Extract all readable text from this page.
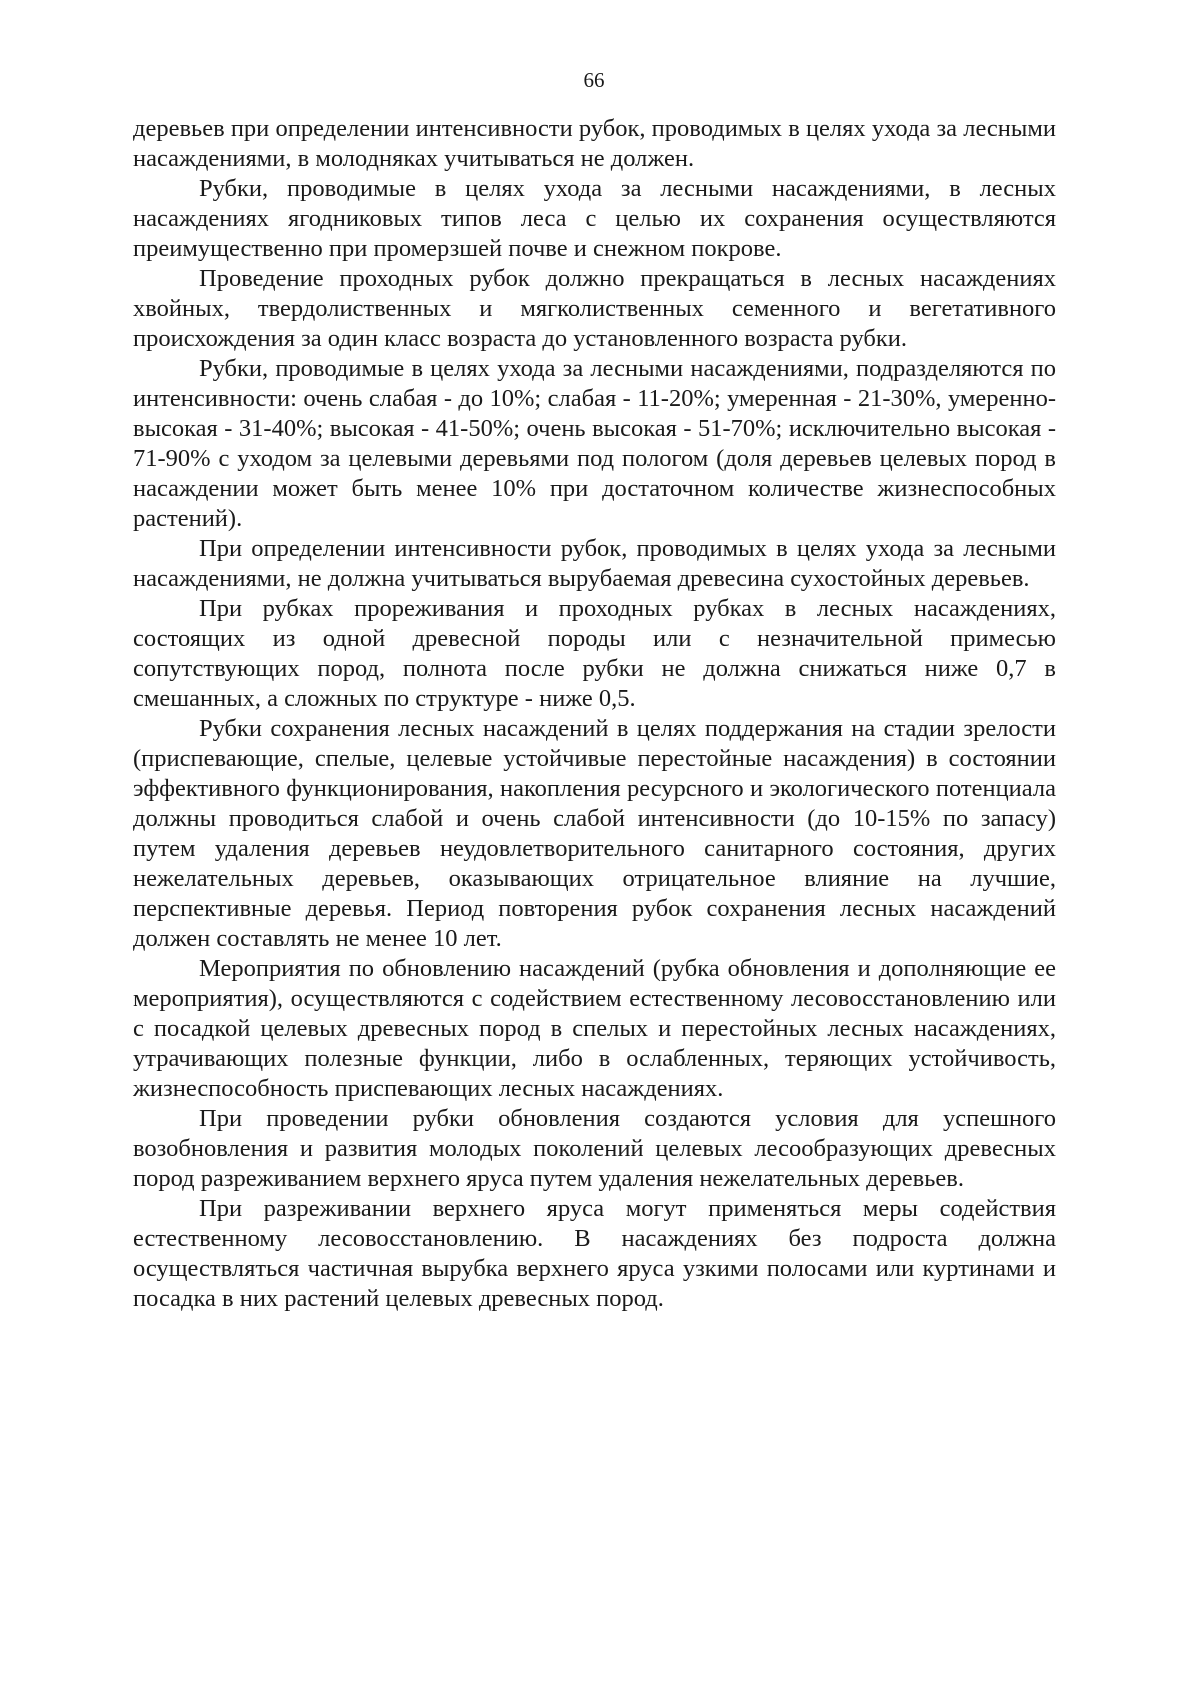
66

деревьев при определении интенсивности рубок, проводимых в целях ухода за лесными насаждениями, в молодняках учитываться не должен.

Рубки, проводимые в целях ухода за лесными насаждениями, в лесных насаждениях ягодниковых типов леса с целью их сохранения осуществляются преимущественно при промерзшей почве и снежном покрове.

Проведение проходных рубок должно прекращаться в лесных насаждениях хвойных, твердолиственных и мягколиственных семенного и вегетативного происхождения за один класс возраста до установленного возраста рубки.

Рубки, проводимые в целях ухода за лесными насаждениями, подразделяются по интенсивности: очень слабая - до 10%; слабая - 11-20%; умеренная - 21-30%, умеренно-высокая - 31-40%; высокая - 41-50%; очень высокая - 51-70%; исключительно высокая - 71-90% с уходом за целевыми деревьями под пологом (доля деревьев целевых пород в насаждении может быть менее 10% при достаточном количестве жизнеспособных растений).

При определении интенсивности рубок, проводимых в целях ухода за лесными насаждениями, не должна учитываться вырубаемая древесина сухостойных деревьев.

При рубках прореживания и проходных рубках в лесных насаждениях, состоящих из одной древесной породы или с незначительной примесью сопутствующих пород, полнота после рубки не должна снижаться ниже 0,7 в смешанных, а сложных по структуре - ниже 0,5.

Рубки сохранения лесных насаждений в целях поддержания на стадии зрелости (приспевающие, спелые, целевые устойчивые перестойные насаждения) в состоянии эффективного функционирования, накопления ресурсного и экологического потенциала должны проводиться слабой и очень слабой интенсивности (до 10-15% по запасу) путем удаления деревьев неудовлетворительного санитарного состояния, других нежелательных деревьев, оказывающих отрицательное влияние на лучшие, перспективные деревья. Период повторения рубок сохранения лесных насаждений должен составлять не менее 10 лет.

Мероприятия по обновлению насаждений (рубка обновления и дополняющие ее мероприятия), осуществляются с содействием естественному лесовосстановлению или с посадкой целевых древесных пород в спелых и перестойных лесных насаждениях, утрачивающих полезные функции, либо в ослабленных, теряющих устойчивость, жизнеспособность приспевающих лесных насаждениях.

При проведении рубки обновления создаются условия для успешного возобновления и развития молодых поколений целевых лесообразующих древесных пород разреживанием верхнего яруса путем удаления нежелательных деревьев.

При разреживании верхнего яруса могут применяться меры содействия естественному лесовосстановлению. В насаждениях без подроста должна осуществляться частичная вырубка верхнего яруса узкими полосами или куртинами и посадка в них растений целевых древесных пород.
